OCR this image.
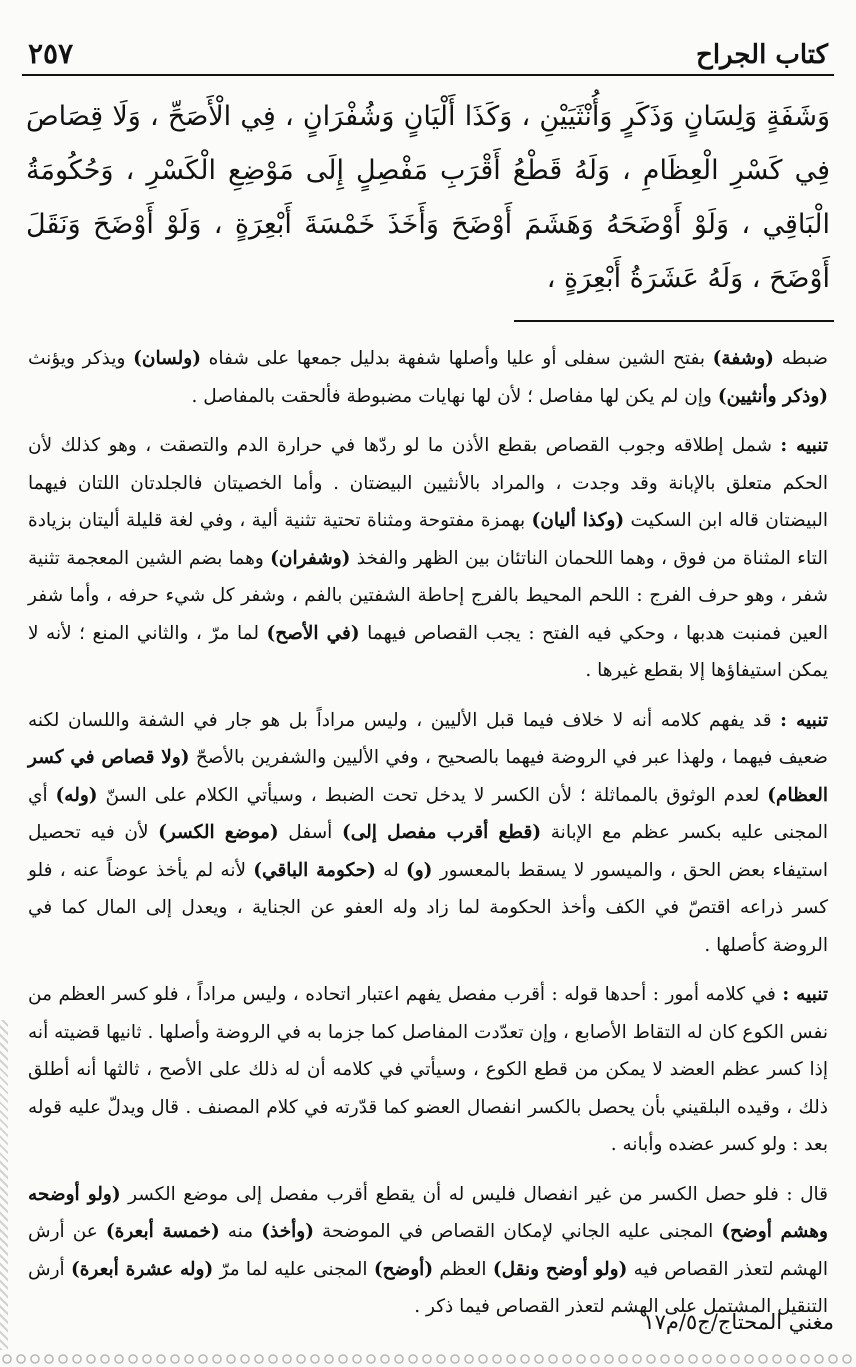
كتاب الجراح
٢٥٧
وَشَفَةٍ وَلِسَانٍ وَذَكَرٍ وَأُنْثَيَيْنِ ، وَكَذَا أَلْيَانٍ وَشُفْرَانٍ ، فِي الْأَصَحِّ ، وَلَا قِصَاصَ فِي كَسْرِ الْعِظَامِ ، وَلَهُ قَطْعُ أَقْرَبِ مَفْصِلٍ إِلَى مَوْضِعِ الْكَسْرِ ، وَحُكُومَةُ الْبَاقِي ، وَلَوْ أَوْضَحَهُ وَهَشَمَ أَوْضَحَ وَأَخَذَ خَمْسَةَ أَبْعِرَةٍ ، وَلَوْ أَوْضَحَ وَنَقَلَ أَوْضَحَ ، وَلَهُ عَشَرَةُ أَبْعِرَةٍ ،

ضبطه (وشفة) بفتح الشين سفلى أو عليا وأصلها شفهة بدليل جمعها على شفاه (ولسان) ويذكر ويؤنث (وذكر وأنثيين) وإن لم يكن لها مفاصل ؛ لأن لها نهايات مضبوطة فألحقت بالمفاصل .

تنبيه : شمل إطلاقه وجوب القصاص بقطع الأذن ما لو ردّها في حرارة الدم والتصقت ، وهو كذلك لأن الحكم متعلق بالإبانة وقد وجدت ، والمراد بالأنثيين البيضتان . وأما الخصيتان فالجلدتان اللتان فيهما البيضتان قاله ابن السكيت (وكذا أليان) بهمزة مفتوحة ومثناة تحتية تثنية ألية ، وفي لغة قليلة أليتان بزيادة التاء المثناة من فوق ، وهما اللحمان الناتئان بين الظهر والفخذ (وشفران) وهما بضم الشين المعجمة تثنية شفر ، وهو حرف الفرج : اللحم المحيط بالفرج إحاطة الشفتين بالفم ، وشفر كل شيء حرفه ، وأما شفر العين فمنبت هدبها ، وحكي فيه الفتح : يجب القصاص فيهما (في الأصح) لما مرّ ، والثاني المنع ؛ لأنه لا يمكن استيفاؤها إلا بقطع غيرها .

تنبيه : قد يفهم كلامه أنه لا خلاف فيما قبل الأليين ، وليس مراداً بل هو جار في الشفة واللسان لكنه ضعيف فيهما ، ولهذا عبر في الروضة فيهما بالصحيح ، وفي الأليين والشفرين بالأصحّ (ولا قصاص في كسر العظام) لعدم الوثوق بالمماثلة ؛ لأن الكسر لا يدخل تحت الضبط ، وسيأتي الكلام على السنّ (وله) أي المجنى عليه بكسر عظم مع الإبانة (قطع أقرب مفصل إلى) أسفل (موضع الكسر) لأن فيه تحصيل استيفاء بعض الحق ، والميسور لا يسقط بالمعسور (و) له (حكومة الباقي) لأنه لم يأخذ عوضاً عنه ، فلو كسر ذراعه اقتصّ في الكف وأخذ الحكومة لما زاد وله العفو عن الجناية ، ويعدل إلى المال كما في الروضة كأصلها .

تنبيه : في كلامه أمور : أحدها قوله : أقرب مفصل يفهم اعتبار اتحاده ، وليس مراداً ، فلو كسر العظم من نفس الكوع كان له التقاط الأصابع ، وإن تعدّدت المفاصل كما جزما به في الروضة وأصلها . ثانيها قضيته أنه إذا كسر عظم العضد لا يمكن من قطع الكوع ، وسيأتي في كلامه أن له ذلك على الأصح ، ثالثها أنه أطلق ذلك ، وقيده البلقيني بأن يحصل بالكسر انفصال العضو كما قدّرته في كلام المصنف . قال ويدلّ عليه قوله بعد : ولو كسر عضده وأبانه .

قال : فلو حصل الكسر من غير انفصال فليس له أن يقطع أقرب مفصل إلى موضع الكسر (ولو أوضحه وهشم أوضح) المجنى عليه الجاني لإمكان القصاص في الموضحة (وأخذ) منه (خمسة أبعرة) عن أرش الهشم لتعذر القصاص فيه (ولو أوضح ونقل) العظم (أوضح) المجنى عليه لما مرّ (وله عشرة أبعرة) أرش التنقيل المشتمل على الهشم لتعذر القصاص فيما ذكر .

مغني المحتاج/ج٥/م١٧
